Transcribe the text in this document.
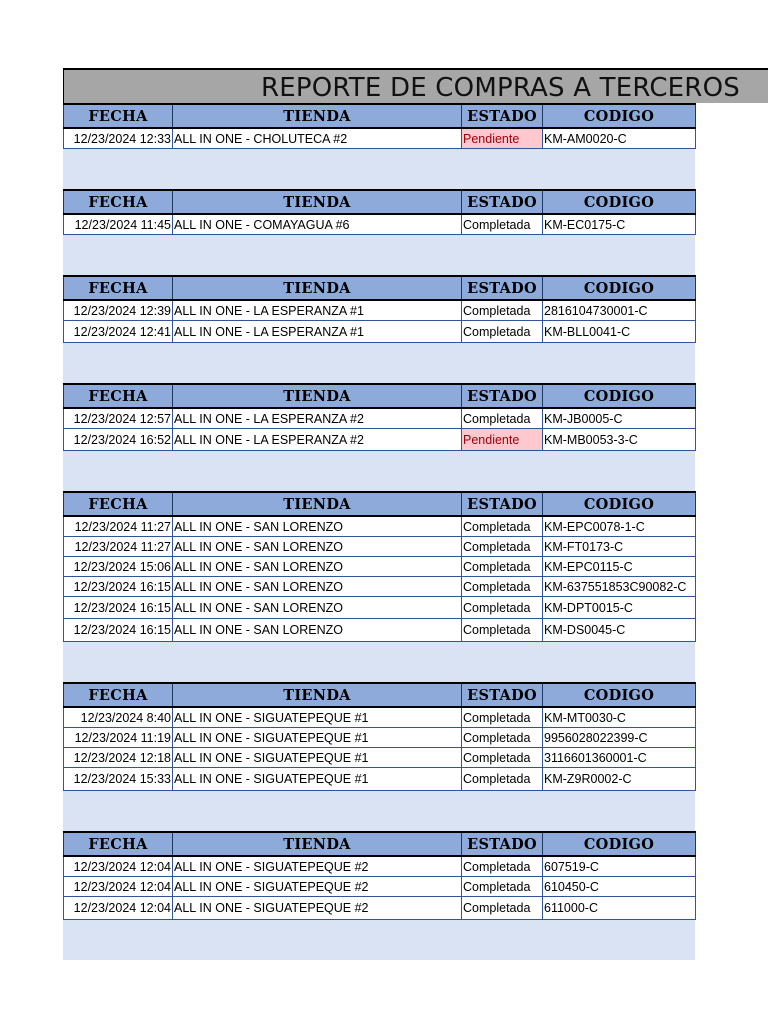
REPORTE DE COMPRAS A TERCEROS
FECHA	TIENDA	ESTADO	CODIGO
12/23/2024 12:33	ALL IN ONE - CHOLUTECA #2	Pendiente	KM-AM0020-C
FECHA	TIENDA	ESTADO	CODIGO
12/23/2024 11:45	ALL IN ONE - COMAYAGUA #6	Completada	KM-EC0175-C
FECHA	TIENDA	ESTADO	CODIGO
12/23/2024 12:39	ALL IN ONE - LA ESPERANZA #1	Completada	2816104730001-C
12/23/2024 12:41	ALL IN ONE - LA ESPERANZA #1	Completada	KM-BLL0041-C
FECHA	TIENDA	ESTADO	CODIGO
12/23/2024 12:57	ALL IN ONE - LA ESPERANZA #2	Completada	KM-JB0005-C
12/23/2024 16:52	ALL IN ONE - LA ESPERANZA #2	Pendiente	KM-MB0053-3-C
FECHA	TIENDA	ESTADO	CODIGO
12/23/2024 11:27	ALL IN ONE - SAN LORENZO	Completada	KM-EPC0078-1-C
12/23/2024 11:27	ALL IN ONE - SAN LORENZO	Completada	KM-FT0173-C
12/23/2024 15:06	ALL IN ONE - SAN LORENZO	Completada	KM-EPC0115-C
12/23/2024 16:15	ALL IN ONE - SAN LORENZO	Completada	KM-637551853C90082-C
12/23/2024 16:15	ALL IN ONE - SAN LORENZO	Completada	KM-DPT0015-C
12/23/2024 16:15	ALL IN ONE - SAN LORENZO	Completada	KM-DS0045-C
FECHA	TIENDA	ESTADO	CODIGO
12/23/2024 8:40	ALL IN ONE - SIGUATEPEQUE #1	Completada	KM-MT0030-C
12/23/2024 11:19	ALL IN ONE - SIGUATEPEQUE #1	Completada	9956028022399-C
12/23/2024 12:18	ALL IN ONE - SIGUATEPEQUE #1	Completada	3116601360001-C
12/23/2024 15:33	ALL IN ONE - SIGUATEPEQUE #1	Completada	KM-Z9R0002-C
FECHA	TIENDA	ESTADO	CODIGO
12/23/2024 12:04	ALL IN ONE - SIGUATEPEQUE #2	Completada	607519-C
12/23/2024 12:04	ALL IN ONE - SIGUATEPEQUE #2	Completada	610450-C
12/23/2024 12:04	ALL IN ONE - SIGUATEPEQUE #2	Completada	611000-C
